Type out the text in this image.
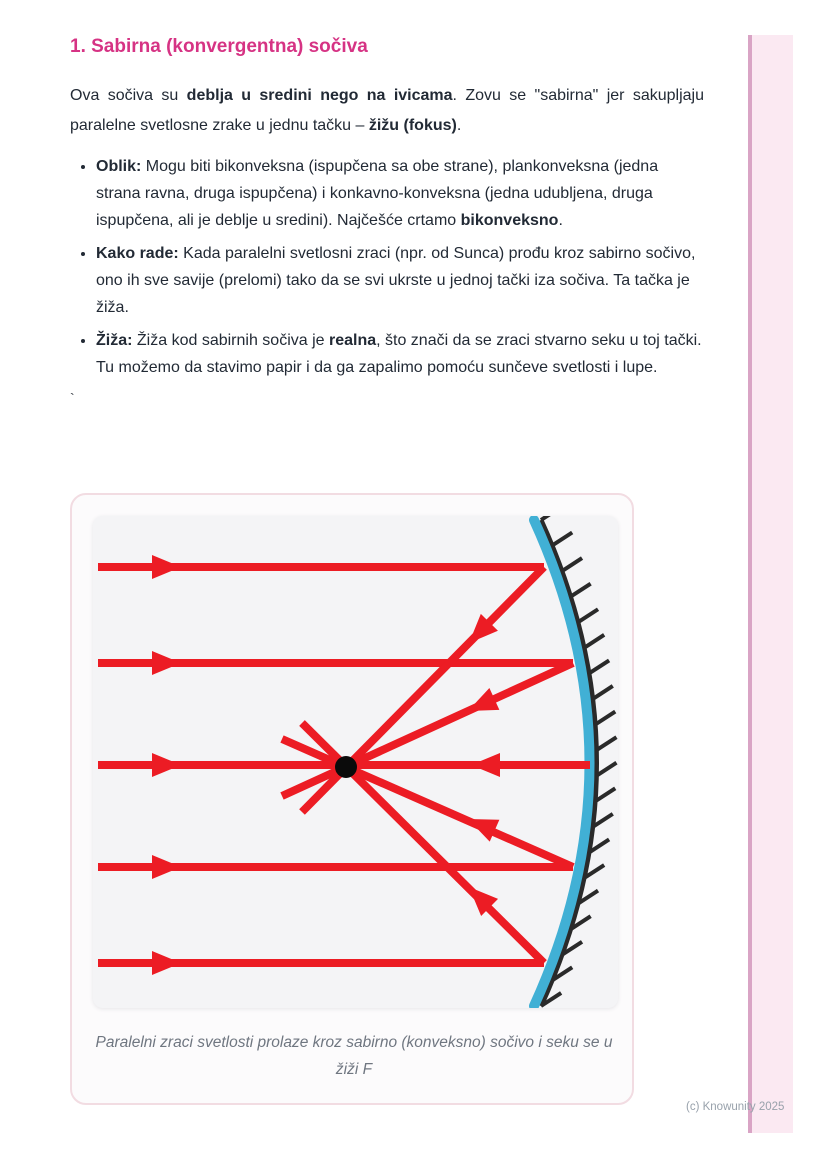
1. Sabirna (konvergentna) sočiva

Ova sočiva su deblja u sredini nego na ivicama. Zovu se "sabirna" jer sakupljaju paralelne svetlosne zrake u jednu tačku – žižu (fokus).

• Oblik: Mogu biti bikonveksna (ispupčena sa obe strane), plankonveksna (jedna strana ravna, druga ispupčena) i konkavno-konveksna (jedna udubljena, druga ispupčena, ali je deblje u sredini). Najčešće crtamo bikonveksno.
• Kako rade: Kada paralelni svetlosni zraci (npr. od Sunca) prođu kroz sabirno sočivo, ono ih sve savije (prelomi) tako da se svi ukrste u jednoj tački iza sočiva. Ta tačka je žiža.
• Žiža: Žiža kod sabirnih sočiva je realna, što znači da se zraci stvarno seku u toj tački. Tu možemo da stavimo papir i da ga zapalimo pomoću sunčeve svetlosti i lupe.
`
Paralelni zraci svetlosti prolaze kroz sabirno (konveksno) sočivo i seku se u žiži F
(c) Knowunity 2025
